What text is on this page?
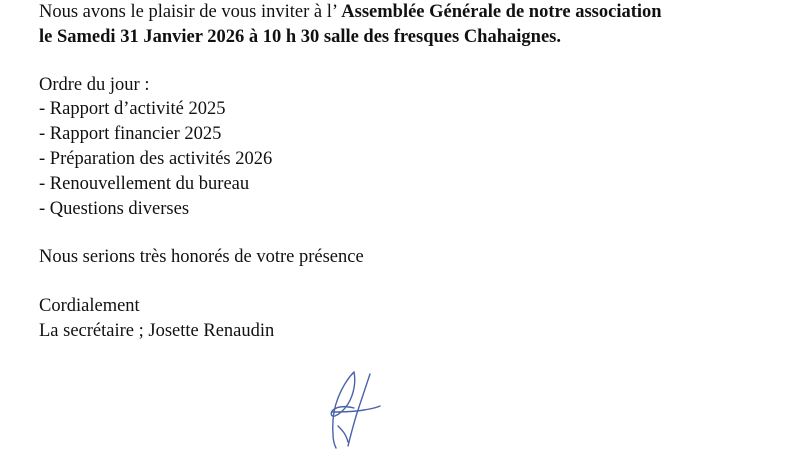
Nous avons le plaisir de vous inviter à l’ Assemblée Générale de notre association
le Samedi 31 Janvier 2026 à 10 h 30 salle des fresques Chahaignes.
Ordre du jour :
- Rapport d’activité 2025
- Rapport financier 2025
- Préparation des activités 2026
- Renouvellement du bureau
- Questions diverses
Nous serions très honorés de votre présence
Cordialement
La secrétaire ; Josette Renaudin
